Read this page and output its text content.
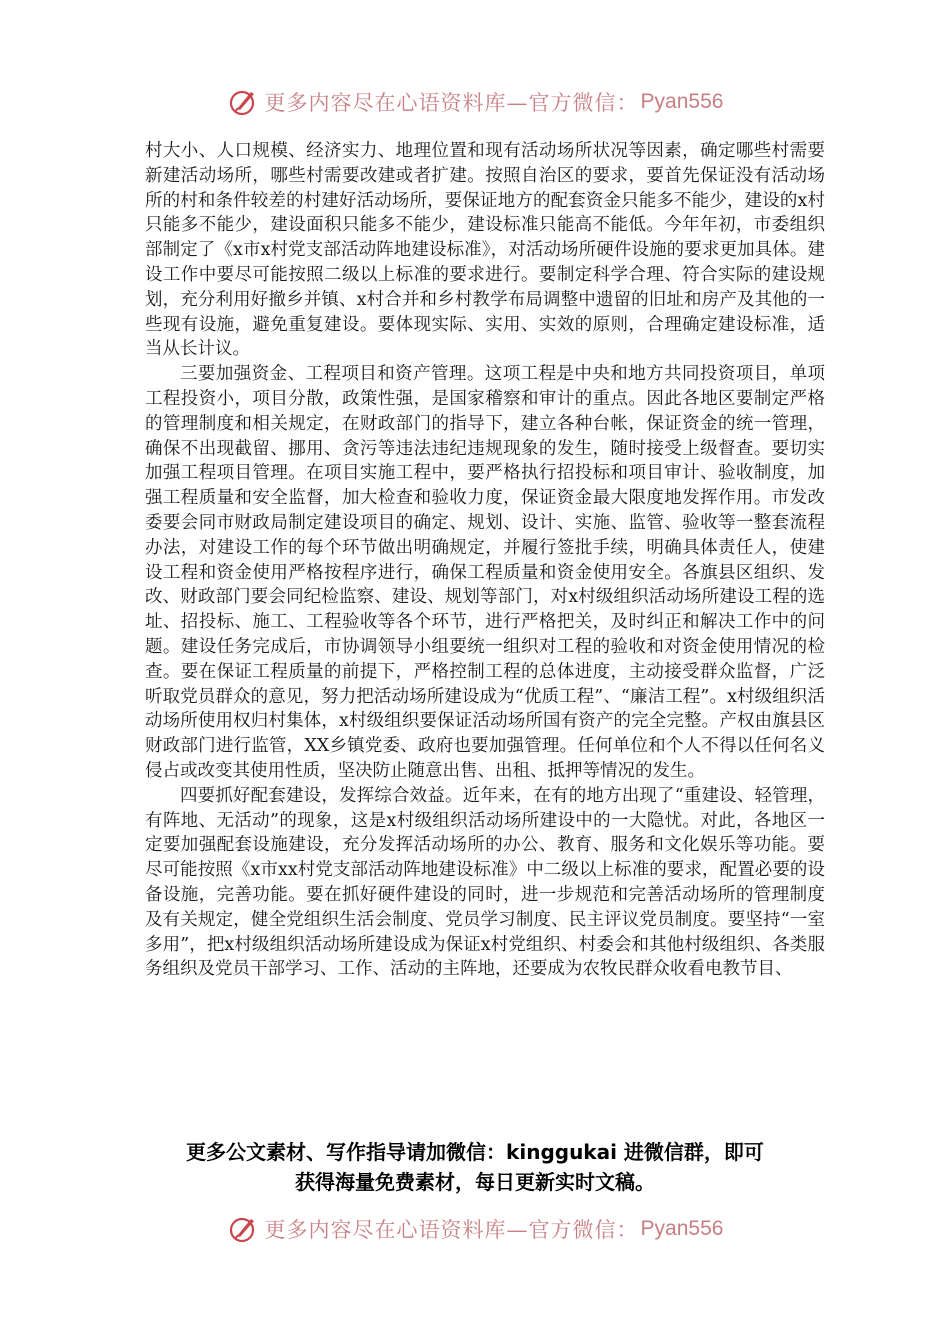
更多内容尽在心语资料库—官方微信： Pyan556

村大小、人口规模、经济实力、地理位置和现有活动场所状况等因素，确定哪些村需要新建活动场所，哪些村需要改建或者扩建。按照自治区的要求，要首先保证没有活动场所的村和条件较差的村建好活动场所，要保证地方的配套资金只能多不能少，建设的x村只能多不能少，建设面积只能多不能少，建设标准只能高不能低。今年年初，市委组织部制定了《x市x村党支部活动阵地建设标准》，对活动场所硬件设施的要求更加具体。建设工作中要尽可能按照二级以上标准的要求进行。要制定科学合理、符合实际的建设规划，充分利用好撤乡并镇、x村合并和乡村教学布局调整中遗留的旧址和房产及其他的一些现有设施，避免重复建设。要体现实际、实用、实效的原则，合理确定建设标准，适当从长计议。

三要加强资金、工程项目和资产管理。这项工程是中央和地方共同投资项目，单项工程投资小，项目分散，政策性强，是国家稽察和审计的重点。因此各地区要制定严格的管理制度和相关规定，在财政部门的指导下，建立各种台帐，保证资金的统一管理，确保不出现截留、挪用、贪污等违法违纪违规现象的发生，随时接受上级督查。要切实加强工程项目管理。在项目实施工程中，要严格执行招投标和项目审计、验收制度，加强工程质量和安全监督，加大检查和验收力度，保证资金最大限度地发挥作用。市发改委要会同市财政局制定建设项目的确定、规划、设计、实施、监管、验收等一整套流程办法，对建设工作的每个环节做出明确规定，并履行签批手续，明确具体责任人，使建设工程和资金使用严格按程序进行，确保工程质量和资金使用安全。各旗县区组织、发改、财政部门要会同纪检监察、建设、规划等部门，对x村级组织活动场所建设工程的选址、招投标、施工、工程验收等各个环节，进行严格把关，及时纠正和解决工作中的问题。建设任务完成后，市协调领导小组要统一组织对工程的验收和对资金使用情况的检查。要在保证工程质量的前提下，严格控制工程的总体进度，主动接受群众监督，广泛听取党员群众的意见，努力把活动场所建设成为“优质工程”、“廉洁工程”。x村级组织活动场所使用权归村集体，x村级组织要保证活动场所国有资产的完全完整。产权由旗县区财政部门进行监管，XX乡镇党委、政府也要加强管理。任何单位和个人不得以任何名义侵占或改变其使用性质，坚决防止随意出售、出租、抵押等情况的发生。

四要抓好配套建设，发挥综合效益。近年来，在有的地方出现了“重建设、轻管理，有阵地、无活动”的现象，这是x村级组织活动场所建设中的一大隐忧。对此，各地区一定要加强配套设施建设，充分发挥活动场所的办公、教育、服务和文化娱乐等功能。要尽可能按照《x市xx村党支部活动阵地建设标准》中二级以上标准的要求，配置必要的设备设施，完善功能。要在抓好硬件建设的同时，进一步规范和完善活动场所的管理制度及有关规定，健全党组织生活会制度、党员学习制度、民主评议党员制度。要坚持“一室多用”，把x村级组织活动场所建设成为保证x村党组织、村委会和其他村级组织、各类服务组织及党员干部学习、工作、活动的主阵地，还要成为农牧民群众收看电教节目、

更多公文素材、写作指导请加微信：kinggukai 进微信群，即可
获得海量免费素材，每日更新实时文稿。
更多内容尽在心语资料库—官方微信： Pyan556
